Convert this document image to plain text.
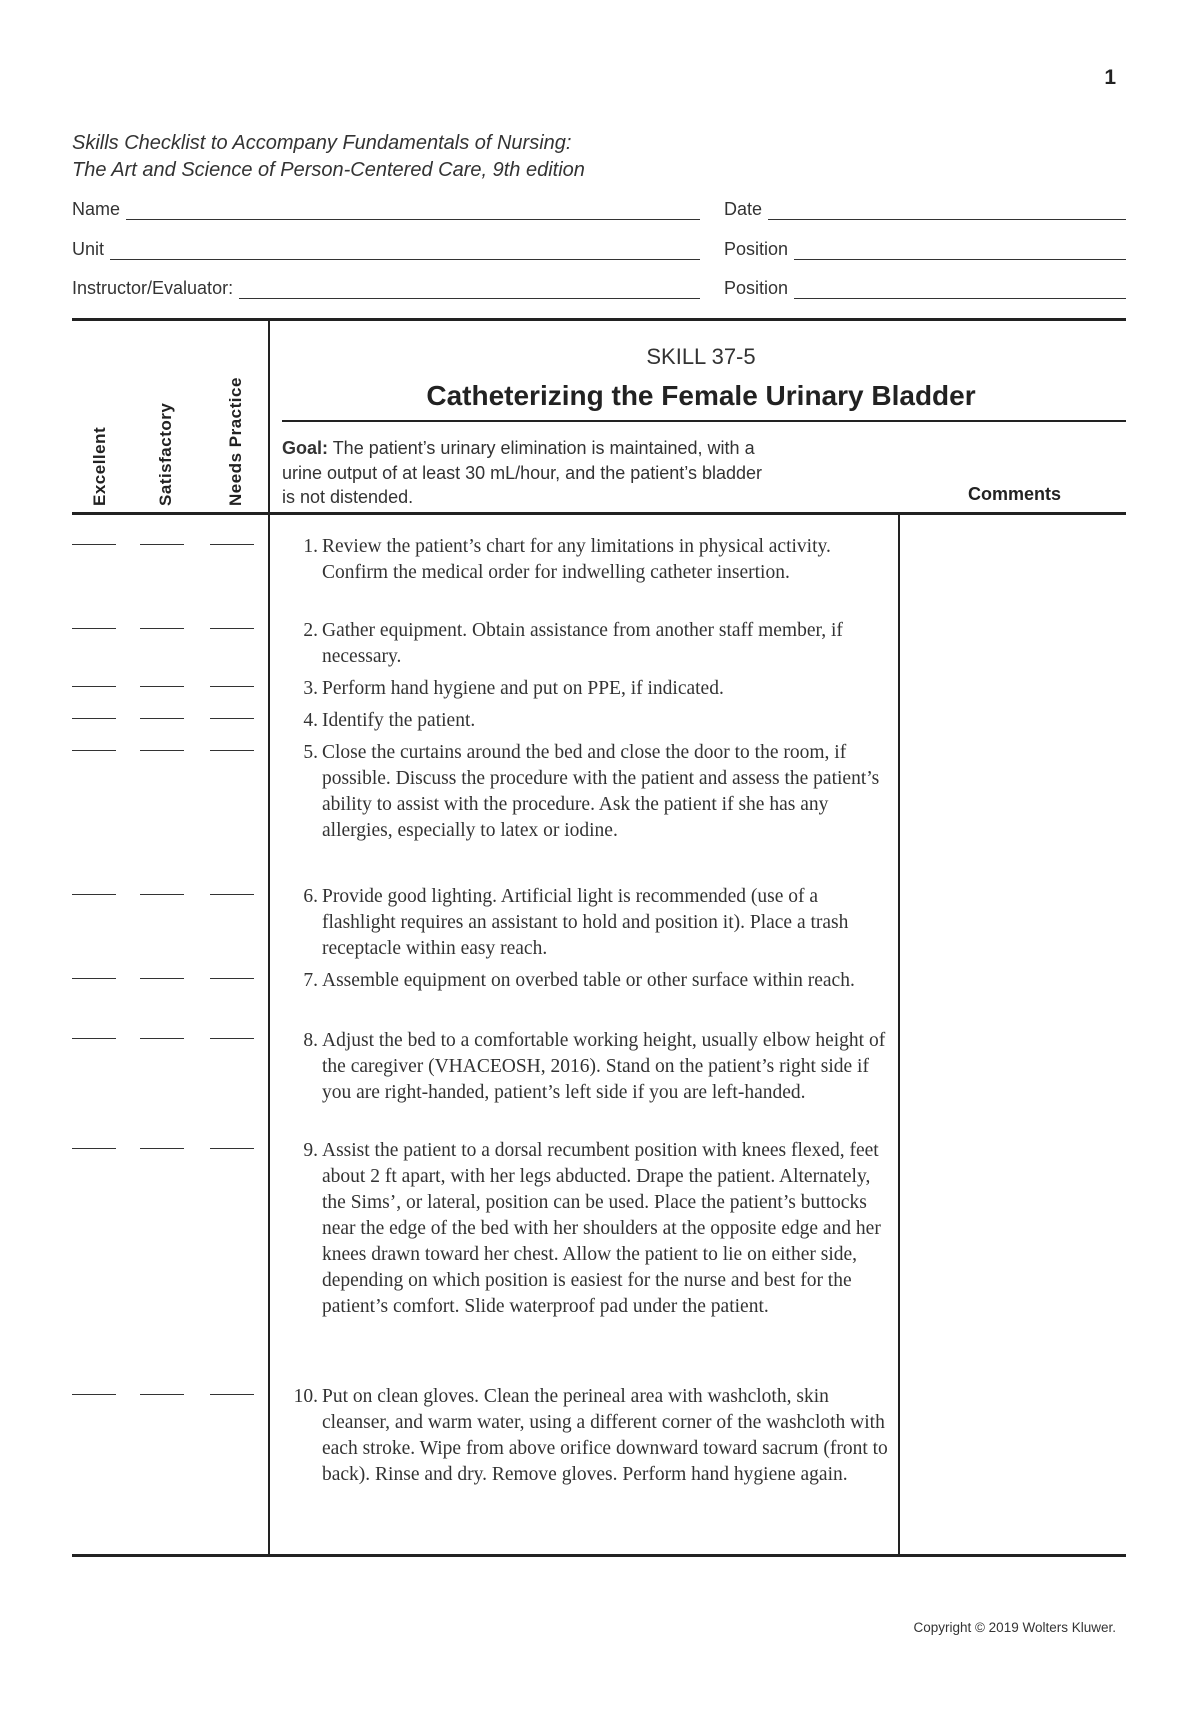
1
Skills Checklist to Accompany Fundamentals of Nursing:
The Art and Science of Person-Centered Care, 9th edition
Name	Date
Unit	Position
Instructor/Evaluator:	Position
Excellent	Satisfactory	Needs Practice
SKILL 37-5
Catheterizing the Female Urinary Bladder
Goal: The patient’s urinary elimination is maintained, with a
urine output of at least 30 mL/hour, and the patient’s bladder
is not distended.	Comments
1. Review the patient’s chart for any limitations in physical activity. Confirm the medical order for indwelling catheter insertion.
2. Gather equipment. Obtain assistance from another staff member, if necessary.
3. Perform hand hygiene and put on PPE, if indicated.
4. Identify the patient.
5. Close the curtains around the bed and close the door to the room, if possible. Discuss the procedure with the patient and assess the patient’s ability to assist with the procedure. Ask the patient if she has any allergies, especially to latex or iodine.
6. Provide good lighting. Artificial light is recommended (use of a flashlight requires an assistant to hold and position it). Place a trash receptacle within easy reach.
7. Assemble equipment on overbed table or other surface within reach.
8. Adjust the bed to a comfortable working height, usually elbow height of the caregiver (VHACEOSH, 2016). Stand on the patient’s right side if you are right-handed, patient’s left side if you are left-handed.
9. Assist the patient to a dorsal recumbent position with knees flexed, feet about 2 ft apart, with her legs abducted. Drape the patient. Alternately, the Sims’, or lateral, position can be used. Place the patient’s buttocks near the edge of the bed with her shoulders at the opposite edge and her knees drawn toward her chest. Allow the patient to lie on either side, depending on which position is easiest for the nurse and best for the patient’s comfort. Slide waterproof pad under the patient.
10. Put on clean gloves. Clean the perineal area with washcloth, skin cleanser, and warm water, using a different corner of the washcloth with each stroke. Wipe from above orifice downward toward sacrum (front to back). Rinse and dry. Remove gloves. Perform hand hygiene again.
Copyright © 2019 Wolters Kluwer.
